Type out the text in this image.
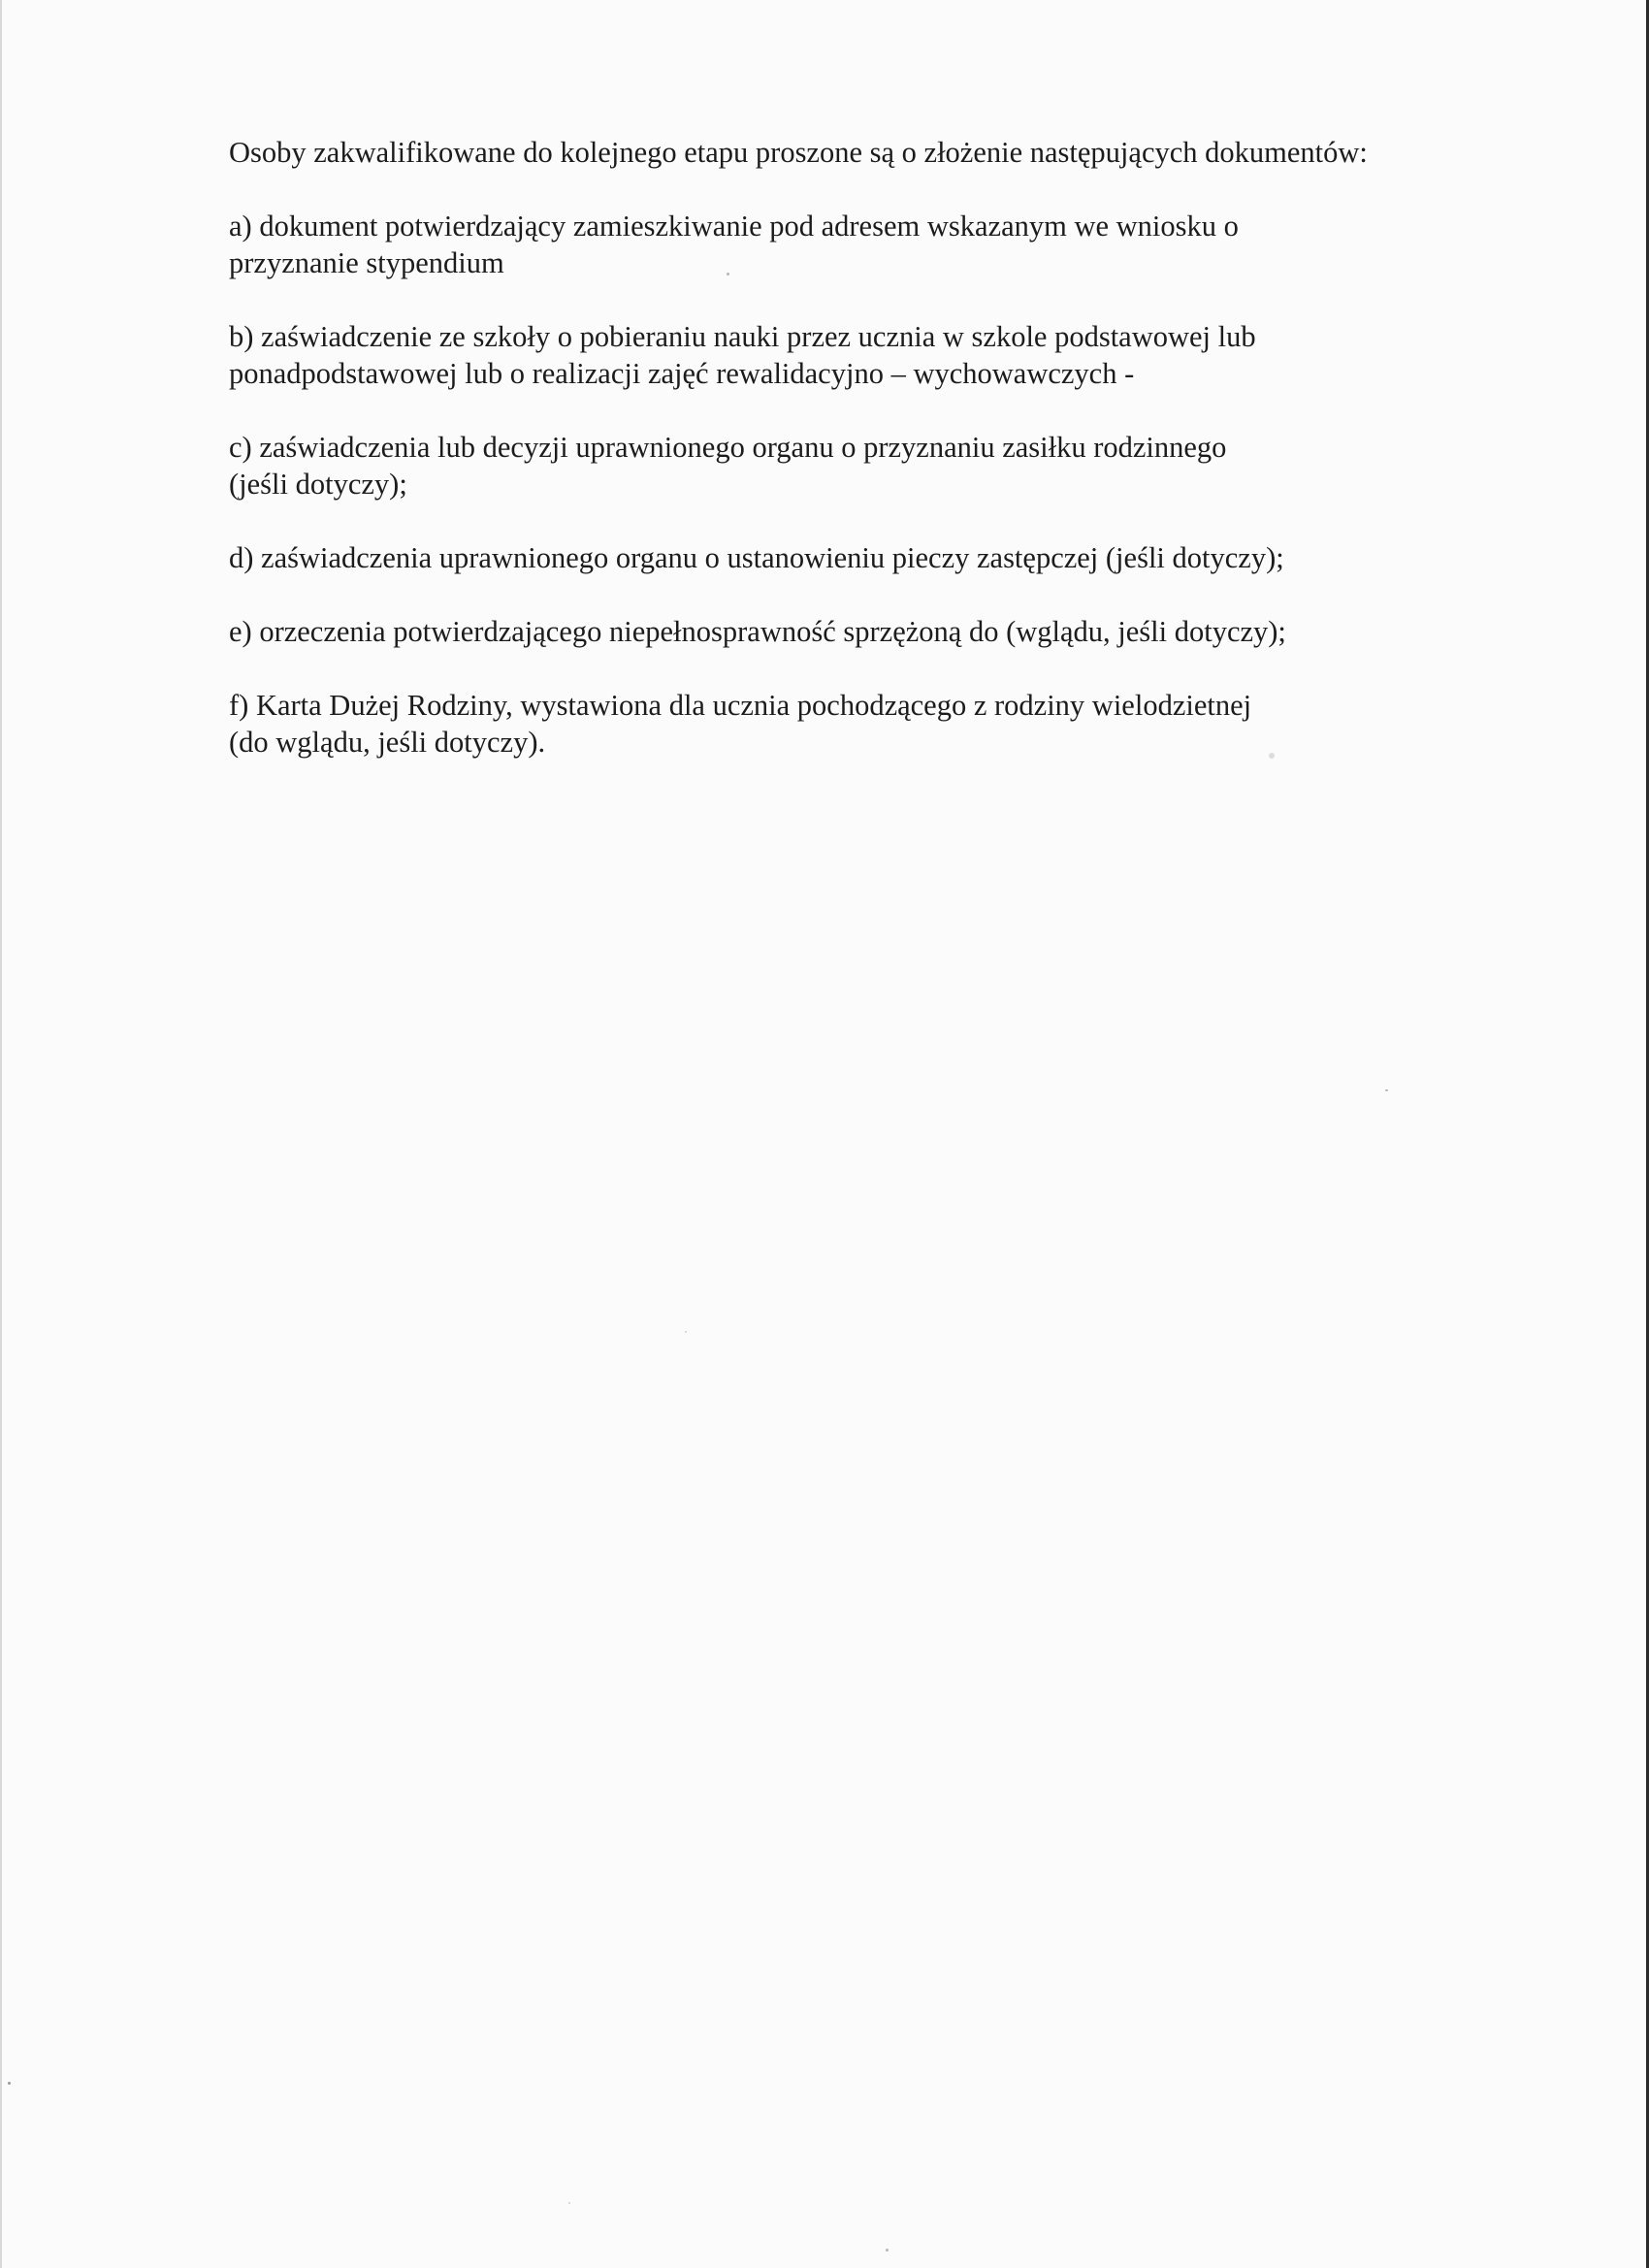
Osoby zakwalifikowane do kolejnego etapu proszone są o złożenie następujących dokumentów:

a) dokument potwierdzający zamieszkiwanie pod adresem wskazanym we wniosku o
przyznanie stypendium

b) zaświadczenie ze szkoły o pobieraniu nauki przez ucznia w szkole podstawowej lub
ponadpodstawowej lub o realizacji zajęć rewalidacyjno – wychowawczych -

c) zaświadczenia lub decyzji uprawnionego organu o przyznaniu zasiłku rodzinnego
(jeśli dotyczy);

d) zaświadczenia uprawnionego organu o ustanowieniu pieczy zastępczej (jeśli dotyczy);

e) orzeczenia potwierdzającego niepełnosprawność sprzężoną do (wglądu, jeśli dotyczy);

f) Karta Dużej Rodziny, wystawiona dla ucznia pochodzącego z rodziny wielodzietnej
(do wglądu, jeśli dotyczy).
